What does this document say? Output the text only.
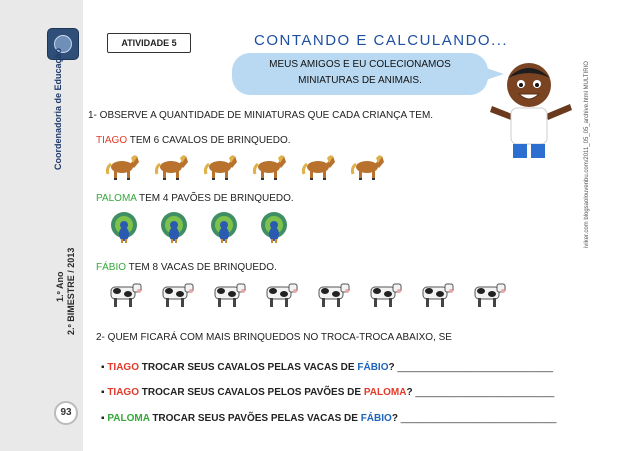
Coordenadoria de Educação
1.º Ano 2.º BIMESTRE / 2013
93
ATIVIDADE 5	CONTANDO E CALCULANDO...
MEUS AMIGOS E EU COLECIONAMOS
MINIATURAS DE ANIMAIS.	iviker.com blogsaolouvenbu.com/2011_05_05_archive.html MULTIRIO
1- OBSERVE A QUANTIDADE DE MINIATURAS QUE CADA CRIANÇA TEM.
TIAGO TEM 6 CAVALOS DE BRINQUEDO.
PALOMA TEM 4 PAVÕES DE BRINQUEDO.
FÁBIO TEM 8 VACAS DE BRINQUEDO.
2- QUEM FICARÁ COM MAIS BRINQUEDOS NO TROCA-TROCA ABAIXO, SE
▪ TIAGO TROCAR SEUS CAVALOS PELAS VACAS DE FÁBIO? ____________________________
▪ TIAGO TROCAR SEUS CAVALOS PELOS PAVÕES DE PALOMA? _________________________
▪ PALOMA TROCAR SEUS PAVÕES PELAS VACAS DE FÁBIO? ____________________________
